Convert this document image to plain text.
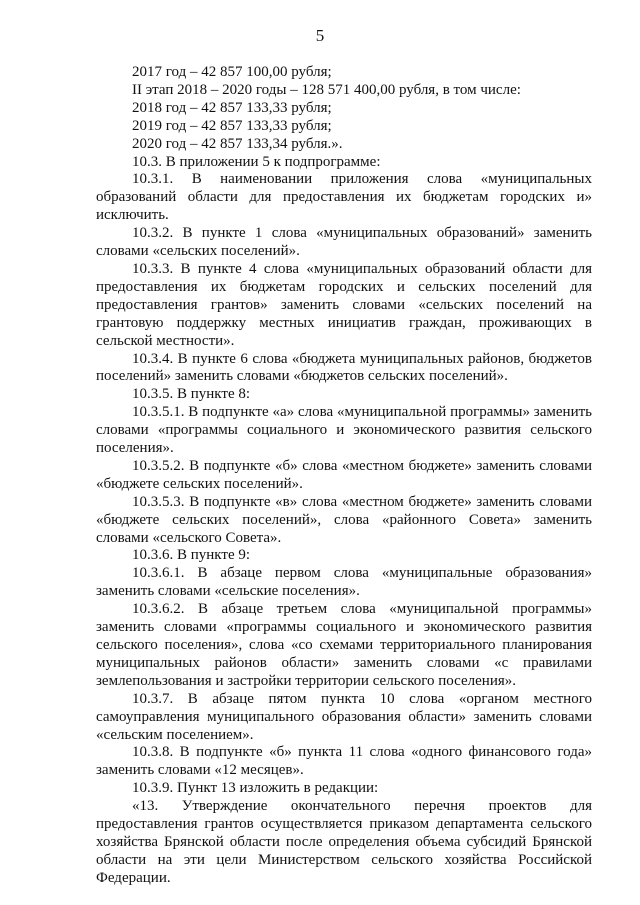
5

2017 год – 42 857 100,00 рубля;

II этап 2018 – 2020 годы – 128 571 400,00 рубля, в том числе:

2018 год – 42 857 133,33 рубля;

2019 год – 42 857 133,33 рубля;

2020 год – 42 857 133,34 рубля.».

10.3. В приложении 5 к подпрограмме:

10.3.1. В наименовании приложения слова «муниципальных образований области для предоставления их бюджетам городских и» исключить.

10.3.2. В пункте 1 слова «муниципальных образований» заменить словами «сельских поселений».

10.3.3. В пункте 4 слова «муниципальных образований области для предоставления их бюджетам городских и сельских поселений для предоставления грантов» заменить словами «сельских поселений на грантовую поддержку местных инициатив граждан, проживающих в сельской местности».

10.3.4. В пункте 6 слова «бюджета муниципальных районов, бюджетов поселений» заменить словами «бюджетов сельских поселений».

10.3.5. В пункте 8:

10.3.5.1. В подпункте «а» слова «муниципальной программы» заменить словами «программы социального и экономического развития сельского поселения».

10.3.5.2. В подпункте «б» слова «местном бюджете» заменить словами «бюджете сельских поселений».

10.3.5.3. В подпункте «в» слова «местном бюджете» заменить словами «бюджете сельских поселений», слова «районного Совета» заменить словами «сельского Совета».

10.3.6. В пункте 9:

10.3.6.1. В абзаце первом слова «муниципальные образования» заменить словами «сельские поселения».

10.3.6.2. В абзаце третьем слова «муниципальной программы» заменить словами «программы социального и экономического развития сельского поселения», слова «со схемами территориального планирования муниципальных районов области» заменить словами «с правилами землепользования и застройки территории сельского поселения».

10.3.7. В абзаце пятом пункта 10 слова «органом местного самоуправления муниципального образования области» заменить словами «сельским поселением».

10.3.8. В подпункте «б» пункта 11 слова «одного финансового года» заменить словами «12 месяцев».

10.3.9. Пункт 13 изложить в редакции:

«13. Утверждение окончательного перечня проектов для предоставления грантов осуществляется приказом департамента сельского хозяйства Брянской области после определения объема субсидий Брянской области на эти цели Министерством сельского хозяйства Российской Федерации.
